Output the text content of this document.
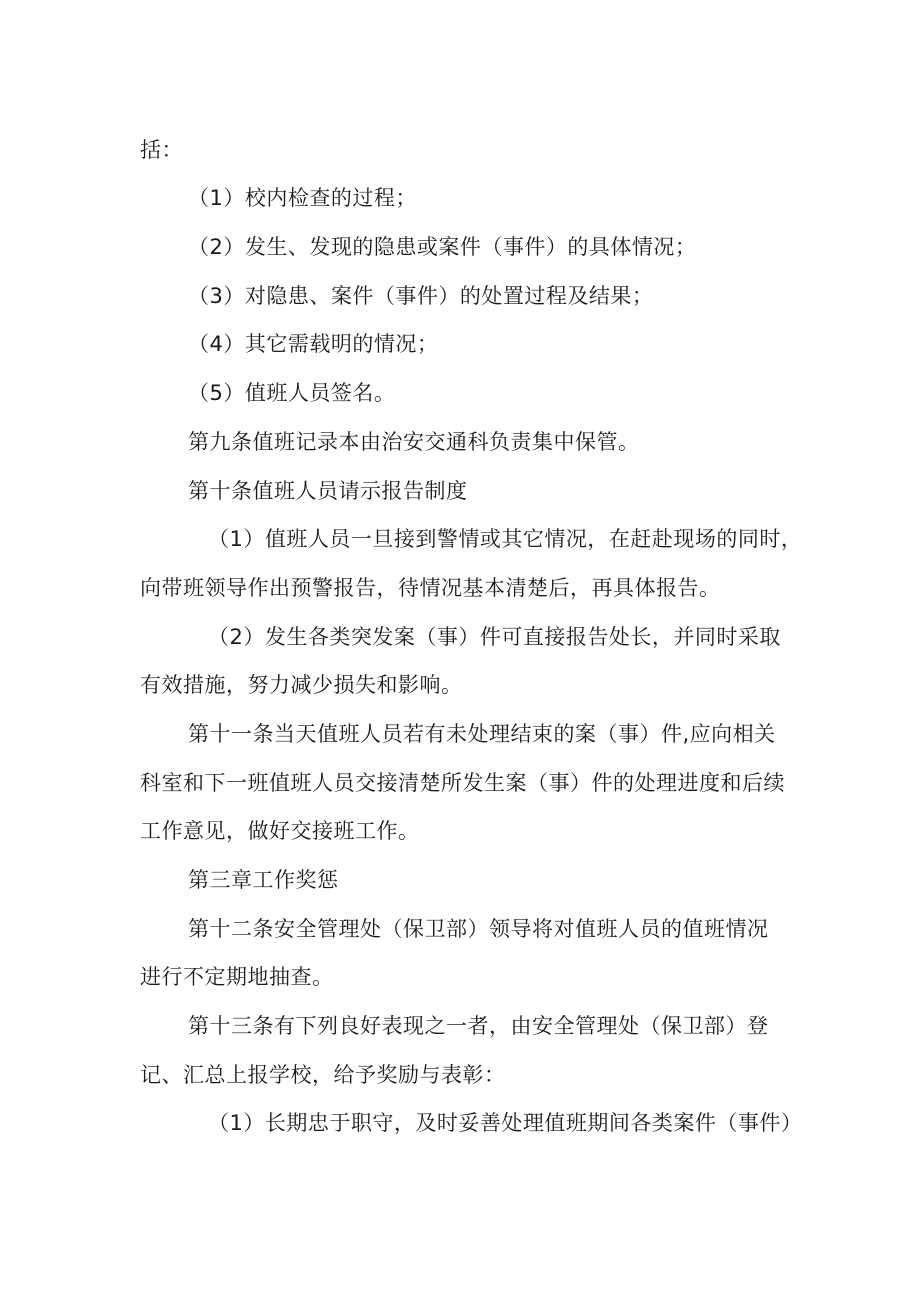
括：
（1）校内检查的过程；
（2）发生、发现的隐患或案件（事件）的具体情况；
（3）对隐患、案件（事件）的处置过程及结果；
（4）其它需载明的情况；
（5）值班人员签名。
第九条值班记录本由治安交通科负责集中保管。
第十条值班人员请示报告制度
（1）值班人员一旦接到警情或其它情况，在赶赴现场的同时，
向带班领导作出预警报告，待情况基本清楚后，再具体报告。
（2）发生各类突发案（事）件可直接报告处长，并同时采取
有效措施，努力减少损失和影响。
第十一条当天值班人员若有未处理结束的案（事）件,应向相关
科室和下一班值班人员交接清楚所发生案（事）件的处理进度和后续
工作意见，做好交接班工作。
第三章工作奖惩
第十二条安全管理处（保卫部）领导将对值班人员的值班情况
进行不定期地抽查。
第十三条有下列良好表现之一者，由安全管理处（保卫部）登
记、汇总上报学校，给予奖励与表彰：
（1）长期忠于职守，及时妥善处理值班期间各类案件（事件）
